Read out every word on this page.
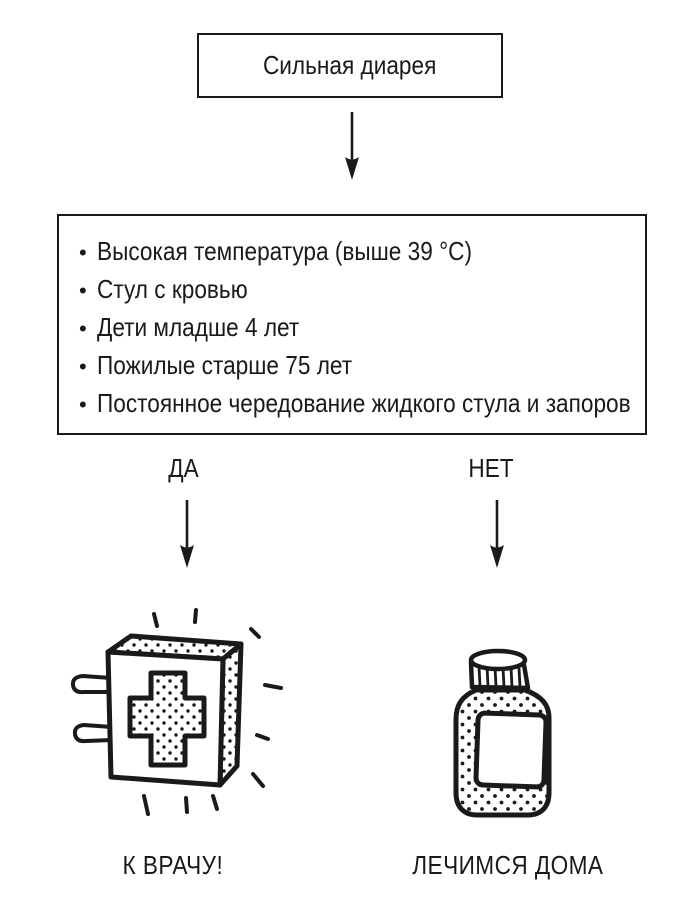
Сильная диарея
• Высокая температура (выше 39 °C)
• Стул с кровью
• Дети младше 4 лет
• Пожилые старше 75 лет
• Постоянное чередование жидкого стула и запоров
ДА	НЕТ
К ВРАЧУ!	ЛЕЧИМСЯ ДОМА
